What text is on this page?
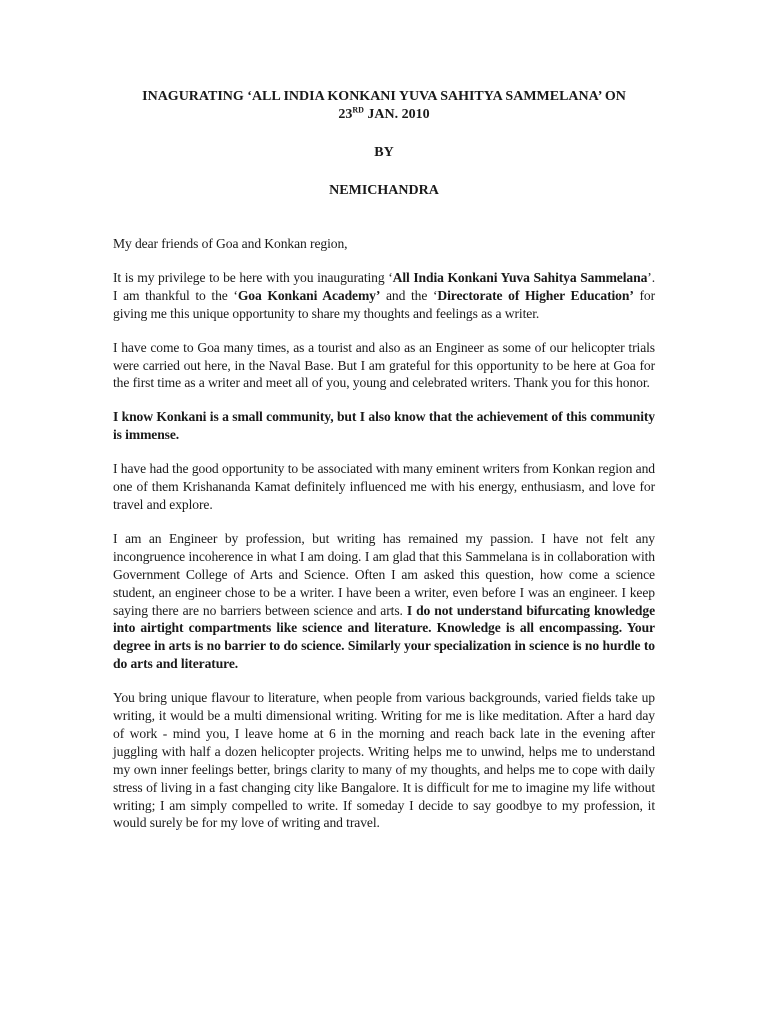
INAGURATING ‘ALL INDIA KONKANI YUVA SAHITYA SAMMELANA’ ON
23RD JAN. 2010

BY

NEMICHANDRA

My dear friends of Goa and Konkan region,

It is my privilege to be here with you inaugurating ‘All India Konkani Yuva Sahitya Sammelana’. I am thankful to the ‘Goa Konkani Academy’ and the ‘Directorate of Higher Education’ for giving me this unique opportunity to share my thoughts and feelings as a writer.

I have come to Goa many times, as a tourist and also as an Engineer as some of our helicopter trials were carried out here, in the Naval Base. But I am grateful for this opportunity to be here at Goa for the first time as a writer and meet all of you, young and celebrated writers. Thank you for this honor.

I know Konkani is a small community, but I also know that the achievement of this community is immense.

I have had the good opportunity to be associated with many eminent writers from Konkan region and one of them Krishananda Kamat definitely influenced me with his energy, enthusiasm, and love for travel and explore.

I am an Engineer by profession, but writing has remained my passion. I have not felt any incongruence incoherence in what I am doing. I am glad that this Sammelana is in collaboration with Government College of Arts and Science. Often I am asked this question, how come a science student, an engineer chose to be a writer. I have been a writer, even before I was an engineer. I keep saying there are no barriers between science and arts. I do not understand bifurcating knowledge into airtight compartments like science and literature. Knowledge is all encompassing. Your degree in arts is no barrier to do science. Similarly your specialization in science is no hurdle to do arts and literature.

You bring unique flavour to literature, when people from various backgrounds, varied fields take up writing, it would be a multi dimensional writing. Writing for me is like meditation. After a hard day of work - mind you, I leave home at 6 in the morning and reach back late in the evening after juggling with half a dozen helicopter projects. Writing helps me to unwind, helps me to understand my own inner feelings better, brings clarity to many of my thoughts, and helps me to cope with daily stress of living in a fast changing city like Bangalore. It is difficult for me to imagine my life without writing; I am simply compelled to write. If someday I decide to say goodbye to my profession, it would surely be for my love of writing and travel.
